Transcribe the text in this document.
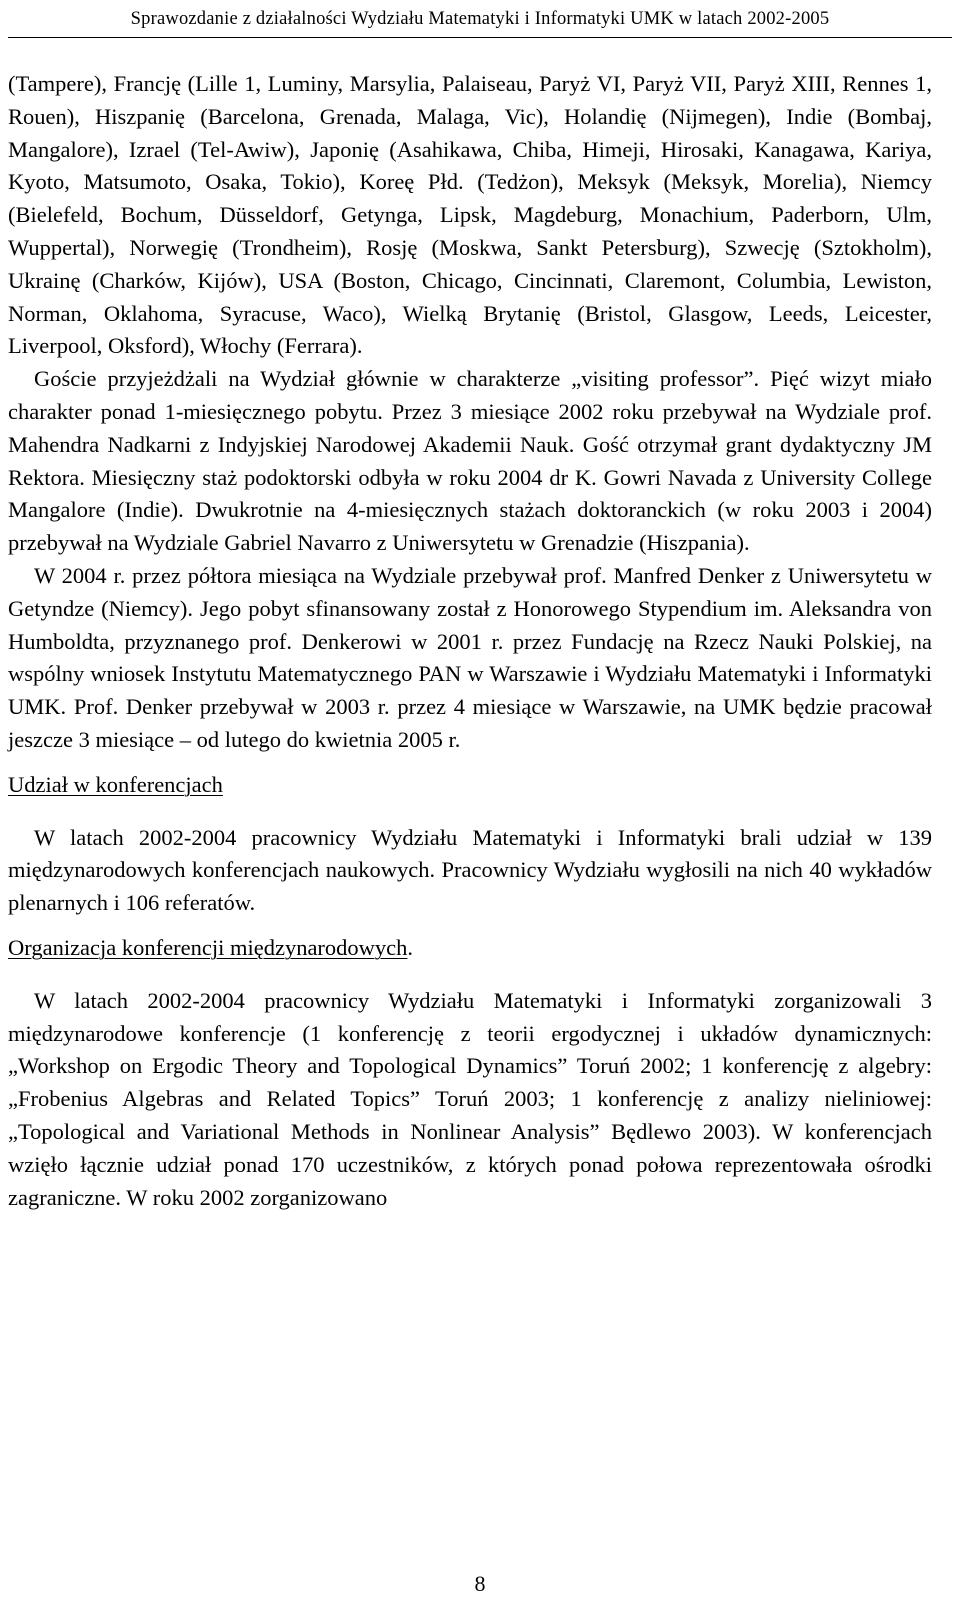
Sprawozdanie z działalności Wydziału Matematyki i Informatyki UMK w latach 2002-2005

(Tampere), Francję (Lille 1, Luminy, Marsylia, Palaiseau, Paryż VI, Paryż VII, Paryż XIII, Rennes 1, Rouen), Hiszpanię (Barcelona, Grenada, Malaga, Vic), Holandię (Nijmegen), Indie (Bombaj, Mangalore), Izrael (Tel-Awiw), Japonię (Asahikawa, Chiba, Himeji, Hirosaki, Kanagawa, Kariya, Kyoto, Matsumoto, Osaka, Tokio), Koreę Płd. (Tedżon), Meksyk (Meksyk, Morelia), Niemcy (Bielefeld, Bochum, Düsseldorf, Getynga, Lipsk, Magdeburg, Monachium, Paderborn, Ulm, Wuppertal), Norwegię (Trondheim), Rosję (Moskwa, Sankt Petersburg), Szwecję (Sztokholm), Ukrainę (Charków, Kijów), USA (Boston, Chicago, Cincinnati, Claremont, Columbia, Lewiston, Norman, Oklahoma, Syracuse, Waco), Wielką Brytanię (Bristol, Glasgow, Leeds, Leicester, Liverpool, Oksford), Włochy (Ferrara).

Goście przyjeżdżali na Wydział głównie w charakterze „visiting professor”. Pięć wizyt miało charakter ponad 1-miesięcznego pobytu. Przez 3 miesiące 2002 roku przebywał na Wydziale prof. Mahendra Nadkarni z Indyjskiej Narodowej Akademii Nauk. Gość otrzymał grant dydaktyczny JM Rektora. Miesięczny staż podoktorski odbyła w roku 2004 dr K. Gowri Navada z University College Mangalore (Indie). Dwukrotnie na 4-miesięcznych stażach doktoranckich (w roku 2003 i 2004) przebywał na Wydziale Gabriel Navarro z Uniwersytetu w Grenadzie (Hiszpania).

W 2004 r. przez półtora miesiąca na Wydziale przebywał prof. Manfred Denker z Uniwersytetu w Getyndze (Niemcy). Jego pobyt sfinansowany został z Honorowego Stypendium im. Aleksandra von Humboldta, przyznanego prof. Denkerowi w 2001 r. przez Fundację na Rzecz Nauki Polskiej, na wspólny wniosek Instytutu Matematycznego PAN w Warszawie i Wydziału Matematyki i Informatyki UMK. Prof. Denker przebywał w 2003 r. przez 4 miesiące w Warszawie, na UMK będzie pracował jeszcze 3 miesiące – od lutego do kwietnia 2005 r.

Udział w konferencjach

W latach 2002-2004 pracownicy Wydziału Matematyki i Informatyki brali udział w 139 międzynarodowych konferencjach naukowych. Pracownicy Wydziału wygłosili na nich 40 wykładów plenarnych i 106 referatów.

Organizacja konferencji międzynarodowych.

W latach 2002-2004 pracownicy Wydziału Matematyki i Informatyki zorganizowali 3 międzynarodowe konferencje (1 konferencję z teorii ergodycznej i układów dynamicznych: „Workshop on Ergodic Theory and Topological Dynamics” Toruń 2002; 1 konferencję z algebry: „Frobenius Algebras and Related Topics” Toruń 2003; 1 konferencję z analizy nieliniowej: „Topological and Variational Methods in Nonlinear Analysis” Będlewo 2003). W konferencjach wzięło łącznie udział ponad 170 uczestników, z których ponad połowa reprezentowała ośrodki zagraniczne. W roku 2002 zorganizowano

8
